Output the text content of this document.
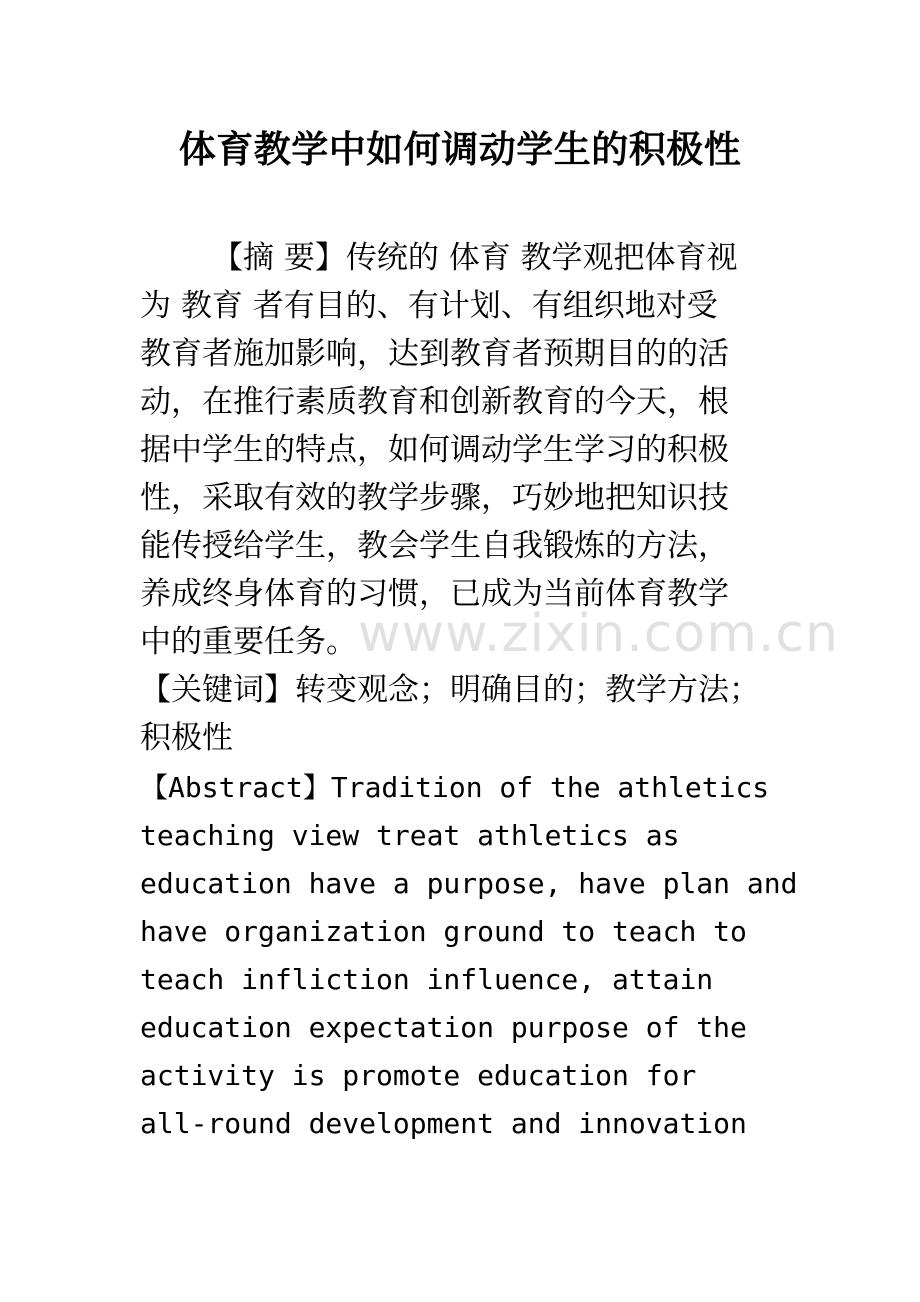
体育教学中如何调动学生的积极性

【摘 要】传统的 体育 教学观把体育视

为 教育 者有目的、有计划、有组织地对受

教育者施加影响，达到教育者预期目的的活

动，在推行素质教育和创新教育的今天，根

据中学生的特点，如何调动学生学习的积极

性，采取有效的教学步骤，巧妙地把知识技

能传授给学生，教会学生自我锻炼的方法，

养成终身体育的习惯，已成为当前体育教学

中的重要任务。

【关键词】转变观念；明确目的；教学方法；

积极性

【Abstract】Tradition of the athletics

teaching view treat athletics as

education have a purpose, have plan and

have organization ground to teach to

teach infliction influence, attain

education expectation purpose of the

activity is promote education for

all-round development and innovation

www.zixin.com.cn
